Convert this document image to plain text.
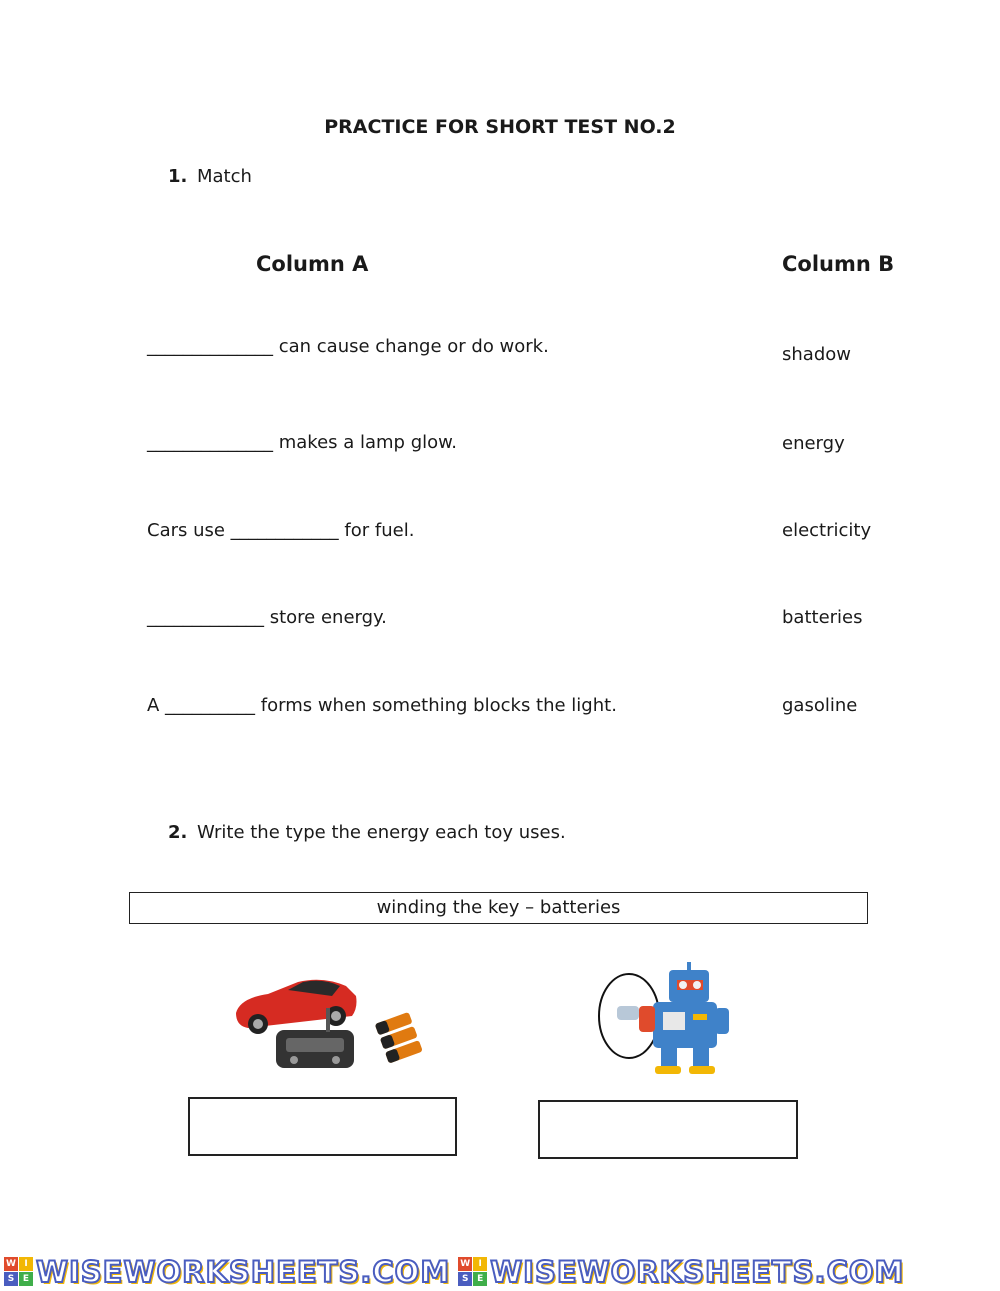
PRACTICE FOR SHORT TEST NO.2
1. Match
Column A	Column B
______________ can cause change or do work.
______________ makes a lamp glow.
Cars use ____________ for fuel.
_____________ store energy.
A __________ forms when something blocks the light.
shadow
energy
electricity
batteries
gasoline
2. Write the type the energy each toy uses.
winding the key – batteries
W I
S E WISEWORKSHEETS.COM W I
S E WISEWORKSHEETS.COM
